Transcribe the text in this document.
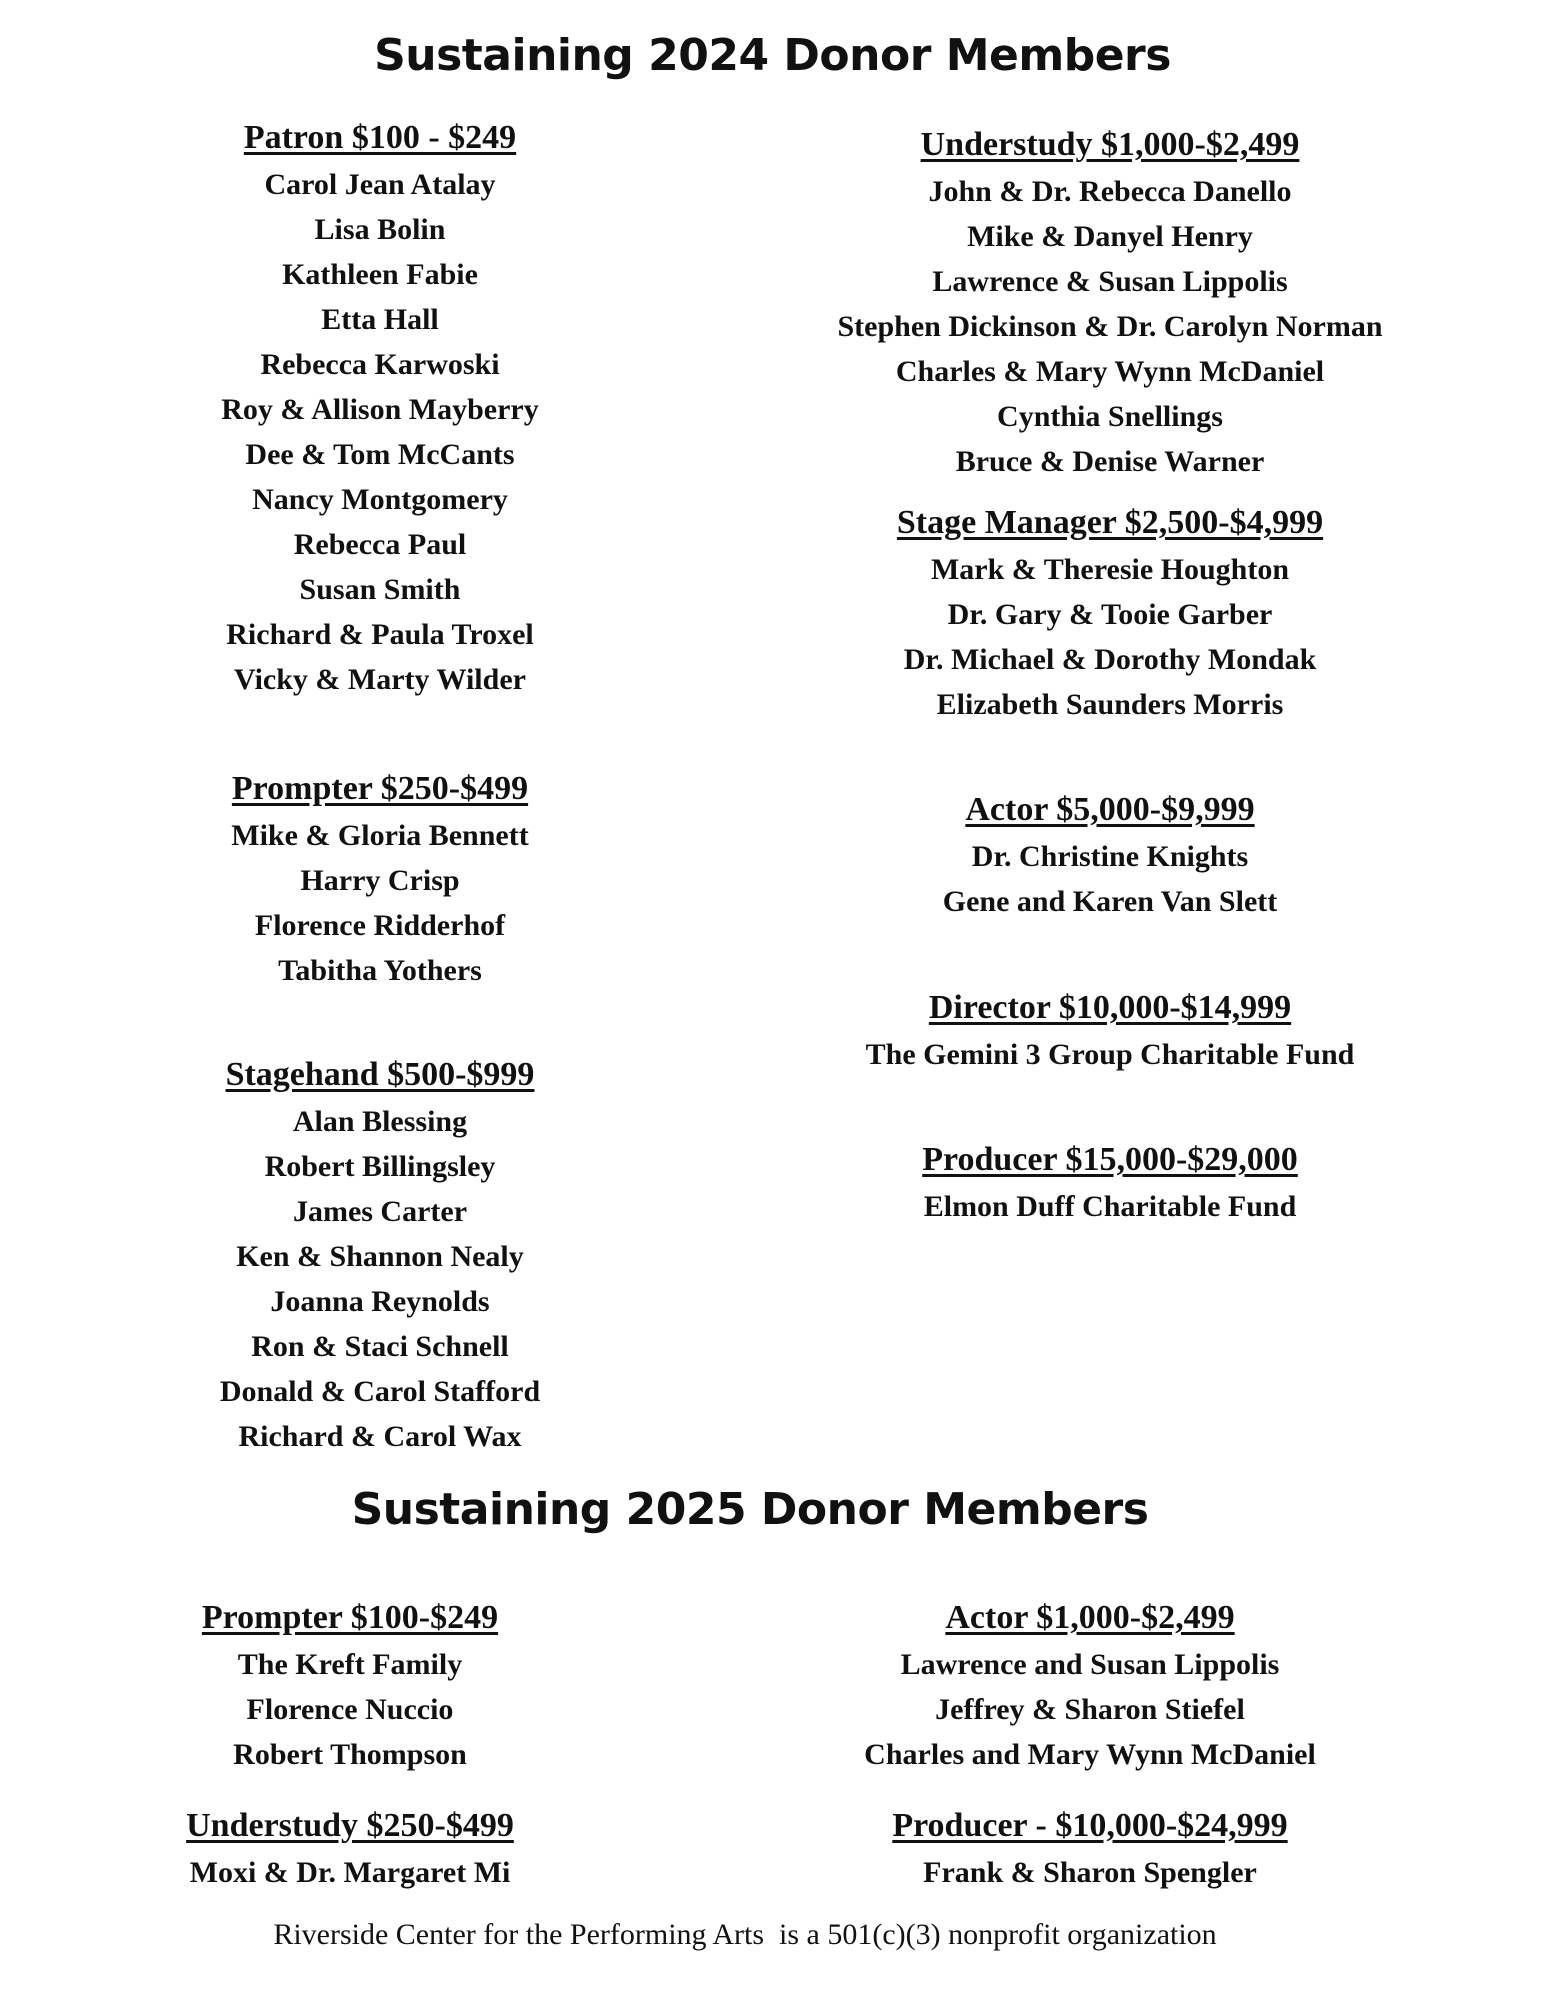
Sustaining 2024 Donor Members
Patron $100 - $249
Carol Jean Atalay
Lisa Bolin
Kathleen Fabie
Etta Hall
Rebecca Karwoski
Roy & Allison Mayberry
Dee & Tom McCants
Nancy Montgomery
Rebecca Paul
Susan Smith
Richard & Paula Troxel
Vicky & Marty Wilder
Prompter $250-$499
Mike & Gloria Bennett
Harry Crisp
Florence Ridderhof
Tabitha Yothers
Stagehand $500-$999
Alan Blessing
Robert Billingsley
James Carter
Ken & Shannon Nealy
Joanna Reynolds
Ron & Staci Schnell
Donald & Carol Stafford
Richard & Carol Wax
Understudy $1,000-$2,499
John & Dr. Rebecca Danello
Mike & Danyel Henry
Lawrence & Susan Lippolis
Stephen Dickinson & Dr. Carolyn Norman
Charles & Mary Wynn McDaniel
Cynthia Snellings
Bruce & Denise Warner
Stage Manager $2,500-$4,999
Mark & Theresie Houghton
Dr. Gary & Tooie Garber
Dr. Michael & Dorothy Mondak
Elizabeth Saunders Morris
Actor $5,000-$9,999
Dr. Christine Knights
Gene and Karen Van Slett
Director $10,000-$14,999
The Gemini 3 Group Charitable Fund
Producer $15,000-$29,000
Elmon Duff Charitable Fund
Sustaining 2025 Donor Members
Prompter $100-$249
The Kreft Family
Florence Nuccio
Robert Thompson
Understudy $250-$499
Moxi & Dr. Margaret Mi
Actor $1,000-$2,499
Lawrence and Susan Lippolis
Jeffrey & Sharon Stiefel
Charles and Mary Wynn McDaniel
Producer - $10,000-$24,999
Frank & Sharon Spengler
Riverside Center for the Performing Arts  is a 501(c)(3) nonprofit organization
